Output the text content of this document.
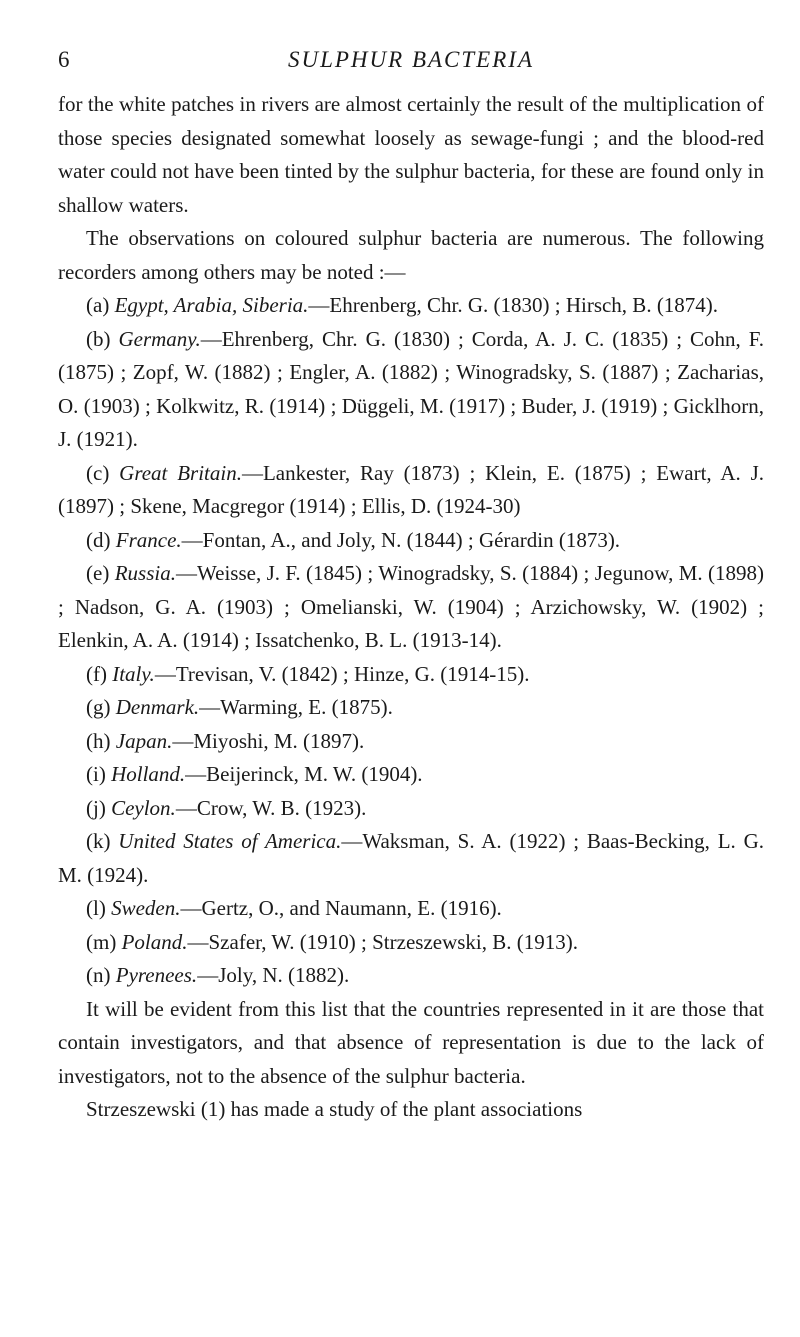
6	SULPHUR BACTERIA

for the white patches in rivers are almost certainly the result of the multiplication of those species designated somewhat loosely as sewage-fungi ; and the blood-red water could not have been tinted by the sulphur bacteria, for these are found only in shallow waters.

The observations on coloured sulphur bacteria are numerous. The following recorders among others may be noted :—

(a) Egypt, Arabia, Siberia.—Ehrenberg, Chr. G. (1830) ; Hirsch, B. (1874).

(b) Germany.—Ehrenberg, Chr. G. (1830) ; Corda, A. J. C. (1835) ; Cohn, F. (1875) ; Zopf, W. (1882) ; Engler, A. (1882) ; Winogradsky, S. (1887) ; Zacharias, O. (1903) ; Kolkwitz, R. (1914) ; Düggeli, M. (1917) ; Buder, J. (1919) ; Gicklhorn, J. (1921).

(c) Great Britain.—Lankester, Ray (1873) ; Klein, E. (1875) ; Ewart, A. J. (1897) ; Skene, Macgregor (1914) ; Ellis, D. (1924-30)

(d) France.—Fontan, A., and Joly, N. (1844) ; Gérardin (1873).

(e) Russia.—Weisse, J. F. (1845) ; Winogradsky, S. (1884) ; Jegunow, M. (1898) ; Nadson, G. A. (1903) ; Omelianski, W. (1904) ; Arzichowsky, W. (1902) ; Elenkin, A. A. (1914) ; Issatchenko, B. L. (1913-14).

(f) Italy.—Trevisan, V. (1842) ; Hinze, G. (1914-15).

(g) Denmark.—Warming, E. (1875).

(h) Japan.—Miyoshi, M. (1897).

(i) Holland.—Beijerinck, M. W. (1904).

(j) Ceylon.—Crow, W. B. (1923).

(k) United States of America.—Waksman, S. A. (1922) ; Baas-Becking, L. G. M. (1924).

(l) Sweden.—Gertz, O., and Naumann, E. (1916).

(m) Poland.—Szafer, W. (1910) ; Strzeszewski, B. (1913).

(n) Pyrenees.—Joly, N. (1882).

It will be evident from this list that the countries represented in it are those that contain investigators, and that absence of representation is due to the lack of investigators, not to the absence of the sulphur bacteria.

Strzeszewski (1) has made a study of the plant associations
